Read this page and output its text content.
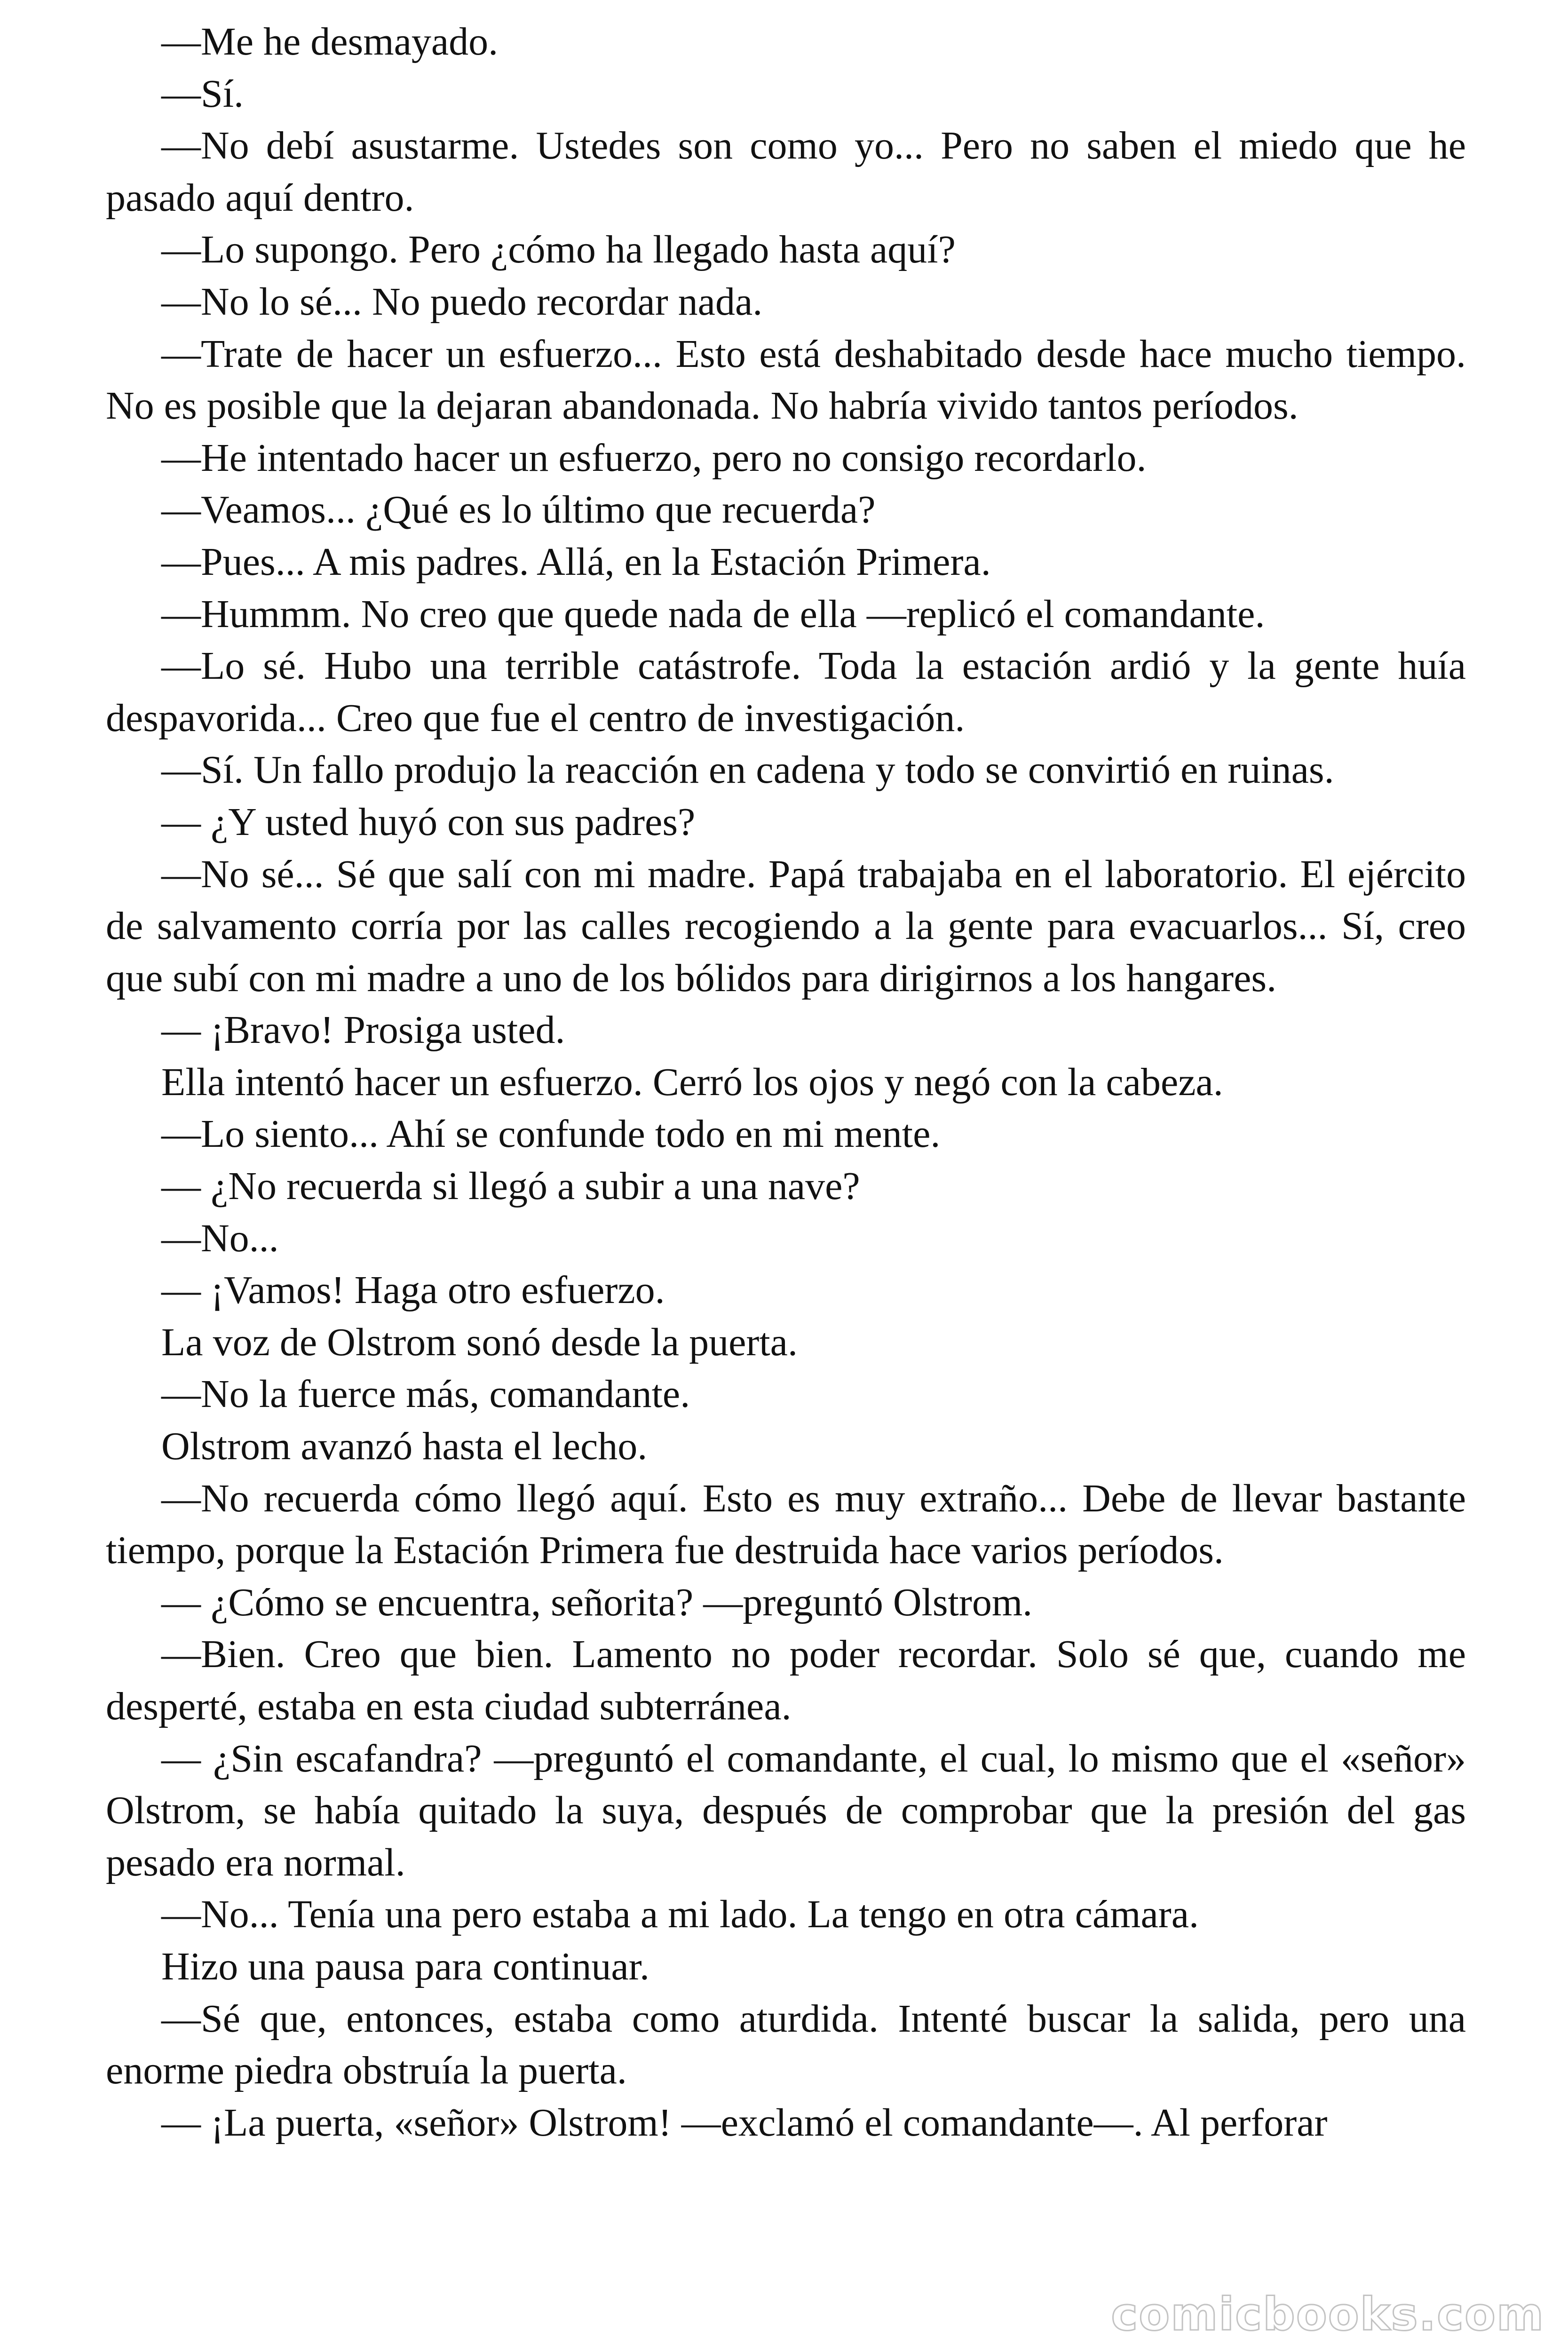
—Me he desmayado.

—Sí.

—No debí asustarme. Ustedes son como yo... Pero no saben el miedo que he pasado aquí dentro.

—Lo supongo. Pero ¿cómo ha llegado hasta aquí?

—No lo sé... No puedo recordar nada.

—Trate de hacer un esfuerzo... Esto está deshabitado desde hace mucho tiempo. No es posible que la dejaran abandonada. No habría vivido tantos períodos.

—He intentado hacer un esfuerzo, pero no consigo recordarlo.

—Veamos... ¿Qué es lo último que recuerda?

—Pues... A mis padres. Allá, en la Estación Primera.

—Hummm. No creo que quede nada de ella —replicó el comandante.

—Lo sé. Hubo una terrible catástrofe. Toda la estación ardió y la gente huía despavorida... Creo que fue el centro de investigación.

—Sí. Un fallo produjo la reacción en cadena y todo se convirtió en ruinas.

— ¿Y usted huyó con sus padres?

—No sé... Sé que salí con mi madre. Papá trabajaba en el laboratorio. El ejército de salvamento corría por las calles recogiendo a la gente para evacuarlos... Sí, creo que subí con mi madre a uno de los bólidos para dirigirnos a los hangares.

— ¡Bravo! Prosiga usted.

Ella intentó hacer un esfuerzo. Cerró los ojos y negó con la cabeza.

—Lo siento... Ahí se confunde todo en mi mente.

— ¿No recuerda si llegó a subir a una nave?

—No...

— ¡Vamos! Haga otro esfuerzo.

La voz de Olstrom sonó desde la puerta.

—No la fuerce más, comandante.

Olstrom avanzó hasta el lecho.

—No recuerda cómo llegó aquí. Esto es muy extraño... Debe de llevar bastante tiempo, porque la Estación Primera fue destruida hace varios períodos.

— ¿Cómo se encuentra, señorita? —preguntó Olstrom.

—Bien. Creo que bien. Lamento no poder recordar. Solo sé que, cuando me desperté, estaba en esta ciudad subterránea.

— ¿Sin escafandra? —preguntó el comandante, el cual, lo mismo que el «señor» Olstrom, se había quitado la suya, después de comprobar que la presión del gas pesado era normal.

—No... Tenía una pero estaba a mi lado. La tengo en otra cámara.

Hizo una pausa para continuar.

—Sé que, entonces, estaba como aturdida. Intenté buscar la salida, pero una enorme piedra obstruía la puerta.

— ¡La puerta, «señor» Olstrom! —exclamó el comandante—. Al perforar

comicbooks.com
